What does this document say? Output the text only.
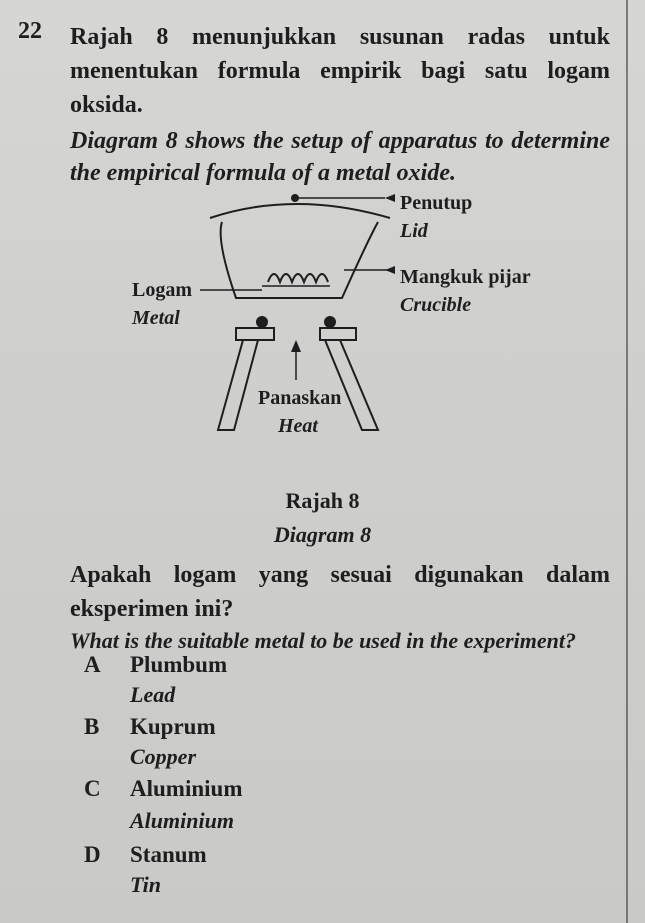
22 Rajah 8 menunjukkan susunan radas untuk
menentukan formula empirik bagi satu logam
oksida.
Diagram 8 shows the setup of apparatus to determine
the empirical formula of a metal oxide.
Penutup
Lid
Mangkuk pijar
Crucible
Logam
Metal
Panaskan
Heat
Rajah 8
Diagram 8
Apakah logam yang sesuai digunakan dalam
eksperimen ini?
What is the suitable metal to be used in the experiment?
A Plumbum
Lead
B Kuprum
Copper
C Aluminium
Aluminium
D Stanum
Tin
